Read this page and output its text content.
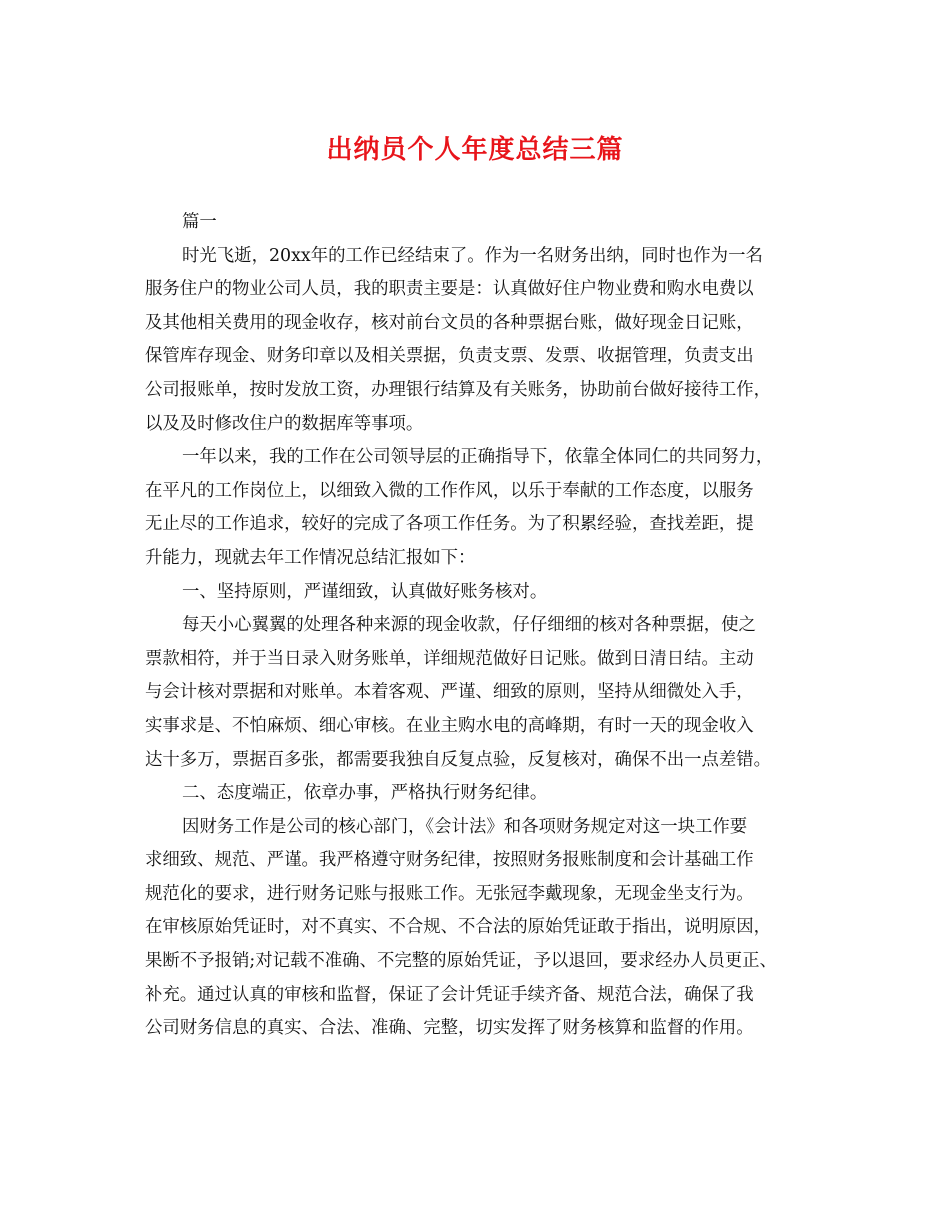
出纳员个人年度总结三篇
篇一
时光飞逝，20xx年的工作已经结束了。作为一名财务出纳，同时也作为一名
服务住户的物业公司人员，我的职责主要是：认真做好住户物业费和购水电费以
及其他相关费用的现金收存，核对前台文员的各种票据台账，做好现金日记账，
保管库存现金、财务印章以及相关票据，负责支票、发票、收据管理，负责支出
公司报账单，按时发放工资，办理银行结算及有关账务，协助前台做好接待工作，
以及及时修改住户的数据库等事项。
一年以来，我的工作在公司领导层的正确指导下，依靠全体同仁的共同努力，
在平凡的工作岗位上，以细致入微的工作作风，以乐于奉献的工作态度，以服务
无止尽的工作追求，较好的完成了各项工作任务。为了积累经验，查找差距，提
升能力，现就去年工作情况总结汇报如下：
一、坚持原则，严谨细致，认真做好账务核对。
每天小心翼翼的处理各种来源的现金收款，仔仔细细的核对各种票据，使之
票款相符，并于当日录入财务账单，详细规范做好日记账。做到日清日结。主动
与会计核对票据和对账单。本着客观、严谨、细致的原则，坚持从细微处入手，
实事求是、不怕麻烦、细心审核。在业主购水电的高峰期，有时一天的现金收入
达十多万，票据百多张，都需要我独自反复点验，反复核对，确保不出一点差错。
二、态度端正，依章办事，严格执行财务纪律。
因财务工作是公司的核心部门，《会计法》和各项财务规定对这一块工作要
求细致、规范、严谨。我严格遵守财务纪律，按照财务报账制度和会计基础工作
规范化的要求，进行财务记账与报账工作。无张冠李戴现象，无现金坐支行为。
在审核原始凭证时，对不真实、不合规、不合法的原始凭证敢于指出，说明原因，
果断不予报销;对记载不准确、不完整的原始凭证，予以退回，要求经办人员更正、
补充。通过认真的审核和监督，保证了会计凭证手续齐备、规范合法，确保了我
公司财务信息的真实、合法、准确、完整，切实发挥了财务核算和监督的作用。
